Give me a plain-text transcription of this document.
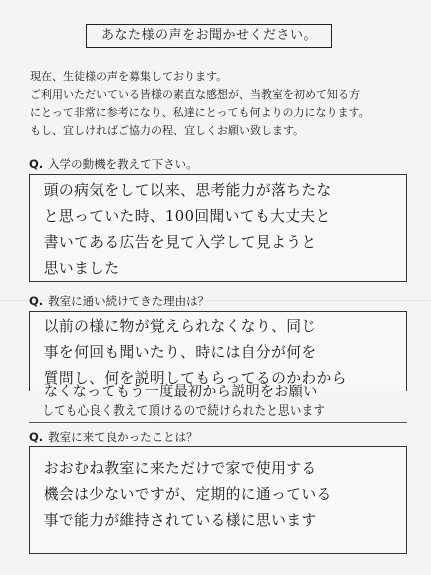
あなた様の声をお聞かせください。
現在、生徒様の声を募集しております。
ご利用いただいている皆様の素直な感想が、当教室を初めて知る方
にとって非常に参考になり、私達にとっても何よりの力になります。
もし、宜しければご協力の程、宜しくお願い致します。
Q. 入学の動機を教えて下さい。
頭の病気をして以来、思考能力が落ちたな
と思っていた時、100回聞いても大丈夫と
書いてある広告を見て入学して見ようと
思いました
Q. 教室に通い続けてきた理由は？
以前の様に物が覚えられなくなり、同じ
事を何回も聞いたり、時には自分が何を
質問し、何を説明してもらってるのかわから
なくなってもう一度最初から説明をお願い
しても心良く教えて頂けるので続けられたと思います
Q. 教室に来て良かったことは？
おおむね教室に来ただけで家で使用する
機会は少ないですが、定期的に通っている
事で能力が維持されている様に思います
